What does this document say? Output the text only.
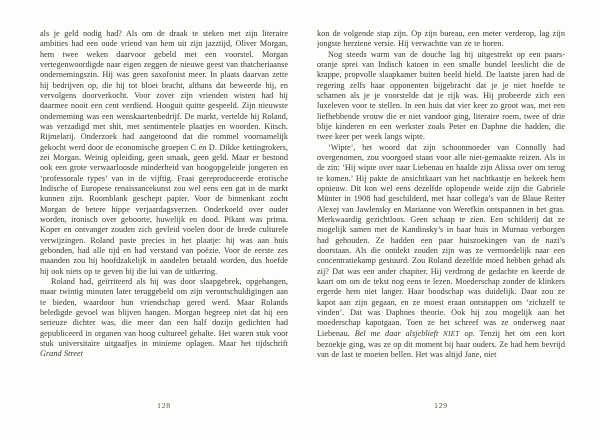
als je geld nodig had? Als om de draak te steken met zijn literaire ambities had een oude vriend van hem uit zijn jazztijd, Oliver Morgan, hem twee weken daarvoor gebeld met een voorstel. Morgan vertegenwoordigde naar eigen zeggen de nieuwe geest van thatcheriaanse ondernemingszin. Hij was geen saxofonist meer. In plaats daarvan zette hij bedrijven op, die hij tot bloei bracht, althans dat beweerde hij, en vervolgens doorverkocht. Voor zover zijn vrienden wisten had hij daarmee nooit een cent verdiend. Hooguit quitte gespeeld. Zijn nieuwste onderneming was een wenskaartenbedrijf. De markt, vertelde hij Roland, was verzadigd met shit, met sentimentele plaatjes en woorden. Kitsch. Rijmelarij. Onderzoek had aangetoond dat die rommel voornamelijk gekocht werd door de economische groepen C en D. Dikke kettingrokers, zei Morgan. Weinig opleiding, geen smaak, geen geld. Maar er bestond ook een grote verwaarloosde minderheid van hoogopgeleide jongeren en ‘professorale types’ van in de vijftig. Fraai gereproduceerde erotische Indische of Europese renaissancekunst zou wel eens een gat in de markt kunnen zijn. Roomblank geschept papier. Voor de binnenkant zocht Morgan de betere hippe verjaardagsverzen. Onderkoeld over ouder worden, ironisch over geboorte, huwelijk en dood. Pikant was prima. Koper en ontvanger zouden zich gevleid voelen door de brede culturele verwijzingen. Roland paste precies in het plaatje: hij was aan huis gebonden, had alle tijd en had verstand van poëzie. Voor de eerste zes maanden zou hij hoofdzakelijk in aandelen betaald worden, dus hoefde hij ook niets op te geven bij die lui van de uitkering.

Roland had, geïrriteerd als hij was door slaapgebrek, opgehangen, maar twintig minuten later teruggebeld om zijn verontschuldigingen aan te bieden, waardoor hun vriendschap gered werd. Maar Rolands beledigde gevoel was blijven hangen. Morgan begreep niet dat hij een serieuze dichter was, die meer dan een half dozijn gedichten had gepubliceerd in organen van hoog cultureel gehalte. Het waren stuk voor stuk universitaire uitgaafjes in minieme oplagen. Maar het tijdschrift Grand Street

kon de volgende stap zijn. Op zijn bureau, een meter verderop, lag zijn jongste herziene versie. Hij verwachtte van ze te horen.

Nog steeds warm van de douche lag hij uitgestrekt op een paars-oranje sprei van Indisch katoen in een smalle bundel leeslicht die de krappe, propvolle slaapkamer buiten beeld hield. De laatste jaren had de regering zelfs haar opponenten bijgebracht dat je je niet hoefde te schamen als je je voorstelde dat je rijk was. Hij probeerde zich een luxeleven voor te stellen. In een huis dat vier keer zo groot was, met een liefhebbende vrouw die er niet vandoor ging, literaire roem, twee of drie blije kinderen en een werkster zoals Peter en Daphne die hadden, die twee keer per week langs wipte.

‘Wipte’, het woord dat zijn schoonmoeder van Connolly had overgenomen, zou voorgoed staan voor alle niet-gemaakte reizen. Als in de zin: ‘Hij wipte over naar Liebenau en haalde zijn Alissa over om terug te komen.’ Hij pakte de ansichtkaart van het nachtkastje en bekeek hem opnieuw. Dit kon wel eens dezelfde oplopende weide zijn die Gabriele Münter in 1908 had geschilderd, met haar collega’s van de Blaue Reiter Alexej van Jawlensky en Marianne von Werefkin ontspannen in het gras. Merkwaardig gezichtloos. Geen schaap te zien. Een schilderij dat ze mogelijk samen met de Kandinsky’s in haar huis in Murnau verborgen had gehouden. Ze hadden een paar huiszoekingen van de nazi’s doorstaan. Als die ontdekt zouden zijn was ze vermoedelijk naar een concentratiekamp gestuurd. Zou Roland dezelfde moed hebben gehad als zij? Dat was een ander chapiter. Hij verdrong de gedachte en keerde de kaart om om de tekst nog eens te lezen. Moederschap zonder de klinkers ergerde hem niet langer. Haar boodschap was duidelijk. Daar zou ze kapot aan zijn gegaan, en ze moest eraan ontsnappen om ‘zichzelf te vinden’. Dat was Daphnes theorie. Ook hij zou mogelijk aan het moederschap kapotgaan. Toen ze het schreef was ze onderweg naar Liebenau. Bel me daar alsjeblieft NIET op. Tenzij het om een kort bezoekje ging, was ze op dit moment bij haar ouders. Ze had hem bevrijd van de last te moeten bellen. Het was altijd Jane, niet

128	129
